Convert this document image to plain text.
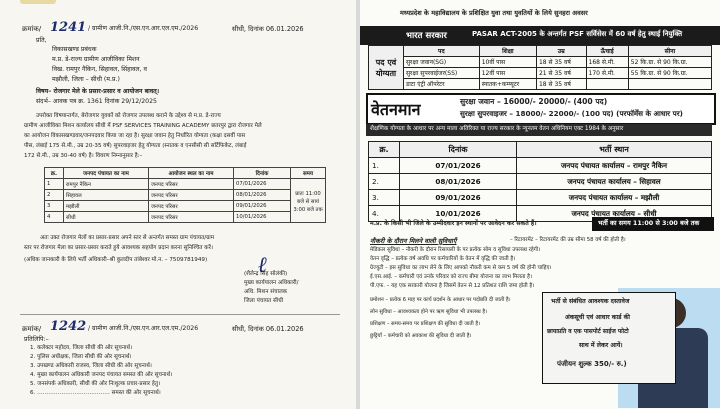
क्रमांक/ 1241 / ग्रामीण आजी.नि./एस.एन.आर.एल.एम./2026	सीधी, दिनांक 06.01.2026
प्रति,
विकासखण्ड प्रबंधक
म.प्र. डे-राज्य ग्रामीण आजीविका मिशन
विख. रामपुर नैकिन, सिहावल, सिंहावल, व
मझौली, जिला – सीधी (म.प्र.)
विषय– रोजगार मेले के प्रसार-प्रसार व आयोजन बावत्।
संदर्भ– आवक पत्र क्र. 1361 दिनांक 29/12/2025
उपरोक्त विषयान्तर्गत, बेरोजगार युवकों को रोजगार उपलब्ध कराने के उद्देश्य से म.प्र. डे-राज्य
ग्रामीण आजीविका मिशन कार्यालय सीधी में PSF SERVICES TRAINING ACADEMY छतरपुर द्वारा रोजगार मेले
का आयोजन विकासखण्डवार/जनपदवार किया जा रहा है। सुरक्षा जवान हेतु निर्धारित योग्यता (कक्षा दसवीं पास
पीस, लंबाई 175 से.मी., उम्र 20-35 वर्ष) सुपरवाइजर हेतु योग्यता (स्नातक व एनसीसी सी सर्टिफिकेट, लंबाई
172 से.मी., उम्र 30-40 वर्ष) है। विवरण निम्नानुसार है:–
क्र.	जनपद पंचायत का नाम	आयोजन स्थल का नाम	दिनांक	समय
1	रामपुर नैकिन	जनपद परिसर	07/01/2026	प्रातः 11:00 बजे से सायं 3:00 बजे तक
2	सिहावल	जनपद परिसर	08/01/2026	
3	मझौली	जनपद परिसर	09/01/2026	
4	सीधी	जनपद परिसर	10/01/2026	
अतः उक्त रोजगार मेलों का प्रसार-प्रसार अपने स्तर से अन्तर्गत समस्त ग्राम पंचायत/ग्राम
स्तर पर रोजगार मेला का प्रसार-प्रसार कराते हुये आवश्यक सहयोग प्रदान करना सुनिश्चित करें।
(अधिक जानकारी के लिये भर्ती अधिकारी–श्री कुलदीप तांबेश्वर मो.न. – 7509781949) ℓ
(शैलेन्द्र सिंह सोलंकी)
मुख्य कार्यपालन अधिकारी/
अधि. मिशन संचालक
जिला पंचायत सीधी
क्रमांक/ 1242 / ग्रामीण आजी.नि./एस.एन.आर.एल.एम./2026	सीधी, दिनांक 06.01.2026
प्रतिलिपि:–
1. कलेक्टर महोदय, जिला सीधी की ओर सूचनार्थ।
2. पुलिस अधीक्षक, जिला सीधी की ओर सूचनार्थ।
3. उपखण्ड अधिकारी राजस्व, जिला सीधी की ओर सूचनार्थ।
4. मुख्य कार्यपालन अधिकारी जनपद पंचायत समस्त की ओर सूचनार्थ।
5. जनसंपर्क अधिकारी, सीधी की ओर निःशुल्क प्रचार-प्रसार हेतु।
6. ………………………………… समस्त की ओर सूचनार्थ।
मध्यप्रदेश के महाविद्यालय के प्रशिक्षित युवा तथा युवतियों के लिये सुनहरा अवसर
भारत सरकार	PASAR ACT-2005 के अन्तर्गत PSF सर्विसेस में 60 वर्ष हेतु स्थाई नियुक्ति
पद एवं योग्यता	पद	शिक्षा	उम्र	ऊँचाई	सीना
	सुरक्षा जवान(SG)	10वीं पास	18 से 35 वर्ष	168 से.मी.	52 कि.ग्रा. से 90 कि.ग्रा.
	सुरक्षा सुपरवाईजर(SS)	12वीं पास	21 से 35 वर्ष	170 से.मी.	55 कि.ग्रा. से 90 कि.ग्रा.
	डाटा एंट्री ऑपरेटर	स्नातक+कम्प्यूटर	18 से 35 वर्ष		
वेतनमान	सुरक्षा जवान – 16000/- 20000/- (400 पद)
सुरक्षा सुपरवाइजर – 18000/- 22000/- (100 पद) (परफॉर्मेंस के आधार पर)
शैक्षणिक योग्यता के आधार पर अन्य माला अतिरिक्त या राज्य सरकार के न्यूनतम वेतन अधिनियम एक्ट 1984 के अनुसार
क्र.	दिनांक	भर्ती स्थान
1.	07/01/2026	जनपद पंचायत कार्यालय – रामपुर नैकिन
2.	08/01/2026	जनपद पंचायत कार्यालय – सिहावल
3.	09/01/2026	जनपद पंचायत कार्यालय – मझौली
4.	10/01/2026	जनपद पंचायत कार्यालय – सीधी
म.प्र. के किसी भी जिले के उम्मीदवार इन स्थानों पर आवेदन कर सकते हैं।	भर्ती का समय 11:00 से 3:00 बजे तक
नौकरी के दौरान मिलने वाली सुविधाएँ	– रिटायरमेंट – रिटायरमेंट की उम्र सीमा 58 वर्ष की होती है।
मेडिकल सुविधा – नौकरी के दौरान रिसायली के पर प्रत्येक सोम व सुविधा उपलब्ध रहेगी।
वेतन वृद्धि – प्रत्येक वर्ष अवधि पर कर्मचारियों के वेतन में वृद्धि की जाती है।
ग्रेज्युटी – इस सुविधा का लाभ लेने के लिए आपको नौकरी कम से कम 5 वर्ष की होनी चाहिए।
ई.एस.आई. – कर्मचारी एवं उनके परिवार को राज्य बीमा योजना का लाभ मिलता है।
पी.एफ. – यह एक सरकारी योजना है जिसमें वेतन से 12 प्रतिशत राशि जमा होती है।
प्रमोशन – प्रत्येक 6 माह पर कार्य प्रदर्शन के आधार पर पदोन्नति दी जाती है।
लोन सुविधा – आवश्यकता होने पर ऋण सुविधा भी उपलब्ध है।
प्रशिक्षण – समय-समय पर प्रशिक्षण की सुविधा दी जाती है।
छुट्टियाँ – कर्मचारी को अवकाश की सुविधा दी जाती है।
भर्ती से संबंधित आवश्यक दस्तावेज
अंकसूची एवं आधार कार्ड की
छायाप्रति व एक पासपोर्ट साईज फोटो
साथ में लेकर आयें।
पंजीयन शुल्क 350/- रु.)
